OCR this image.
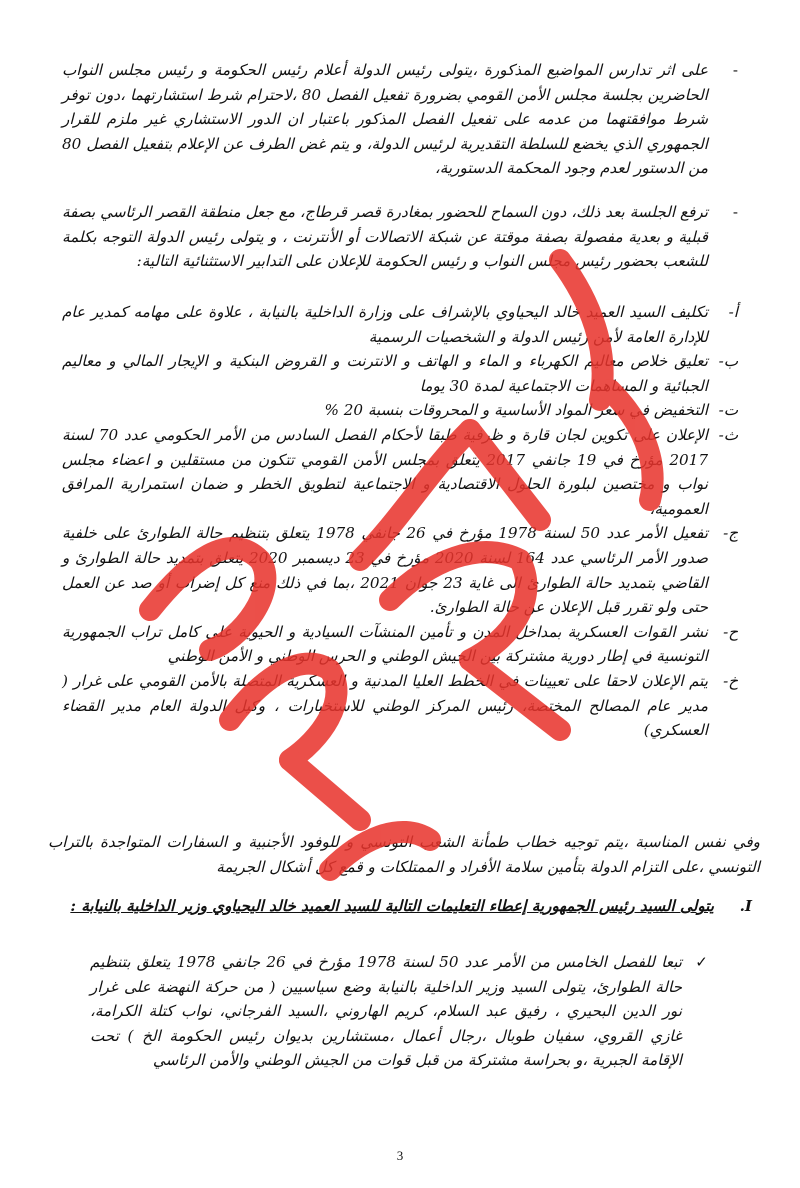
-
على اثر تدارس المواضيع المذكورة ،يتولى رئيس الدولة أعلام رئيس الحكومة و رئيس مجلس النواب الحاضرين بجلسة مجلس الأمن القومي بضرورة تفعيل الفصل 80 ،لاحترام شرط استشارتهما ،دون توفر شرط موافقتهما من عدمه على تفعيل الفصل المذكور باعتبار ان الدور الاستشاري غير ملزم للقرار الجمهوري الذي يخضع للسلطة التقديرية لرئيس الدولة، و يتم غض الطرف عن الإعلام بتفعيل الفصل 80 من الدستور لعدم وجود المحكمة الدستورية،
-
ترفع الجلسة بعد ذلك، دون السماح للحضور بمغادرة قصر قرطاج، مع جعل منطقة القصر الرئاسي بصفة قبلية و بعدية مفصولة بصفة موقتة عن شبكة الاتصالات أو الأنترنت ، و يتولى رئيس الدولة التوجه بكلمة للشعب بحضور رئيس مجلس النواب و رئيس الحكومة للإعلان على التدابير الاستثنائية التالية:
أ-
تكليف السيد العميد خالد اليحياوي بالإشراف على وزارة الداخلية بالنيابة ، علاوة على مهامه كمدير عام للإدارة العامة لأمن رئيس الدولة و الشخصيات الرسمية
ب-
تعليق خلاص معاليم الكهرباء و الماء و الهاتف و الانترنت و القروض البنكية و الإيجار المالي و معاليم الجبائية و المساهمات الاجتماعية لمدة 30 يوما
ت-
التخفيض في سعر المواد الأساسية و المحروقات بنسبة 20 %
ث-
الإعلان على تكوين لجان قارة و ظرفية طبقا لأحكام الفصل السادس من الأمر الحكومي عدد 70 لسنة 2017 مؤرخ في 19 جانفي 2017 يتعلق بمجلس الأمن القومي تتكون من مستقلين و اعضاء مجلس نواب و مختصين لبلورة الحلول الاقتصادية و الاجتماعية لتطويق الخطر و ضمان استمرارية المرافق العمومية،
ج-
تفعيل الأمر عدد 50 لسنة 1978 مؤرخ في 26 جانفي 1978 يتعلق بتنظيم حالة الطوارئ على خلفية صدور الأمر الرئاسي عدد 164 لسنة 2020 مؤرخ في 23 ديسمبر 2020 يتعلق بتمديد حالة الطوارئ و القاضي بتمديد حالة الطوارئ الى غاية 23 جوان 2021 ،بما في ذلك منع كل إضراب أو صد عن العمل حتى ولو تقرر قبل الإعلان عن حالة الطوارئ.
ح-
نشر القوات العسكرية بمداخل المدن و تأمين المنشآت السيادية و الحيوية على كامل تراب الجمهورية التونسية في إطار دورية مشتركة بين الجيش الوطني و الحرس الوطني و الأمن الوطني
خ-
يتم الإعلان لاحقا على تعيينات في الخطط العليا المدنية و العسكرية المتصلة بالأمن القومي على غرار ( مدير عام المصالح المختصة، رئيس المركز الوطني للاستخبارات ، وكيل الدولة العام مدير القضاء العسكري)
وفي نفس المناسبة ،يتم توجيه خطاب طمأنة الشعب التونسي و للوفود الأجنبية و السفارات المتواجدة بالتراب التونسي ،على التزام الدولة بتأمين سلامة الأفراد و الممتلكات و قمع كل أشكال الجريمة
I.
يتولى السيد رئيس الجمهورية إعطاء التعليمات التالية للسيد العميد خالد اليحياوي وزير الداخلية بالنيابة :
✓
تبعا للفصل الخامس من الأمر عدد 50 لسنة 1978 مؤرخ في 26 جانفي 1978 يتعلق بتنظيم حالة الطوارئ، يتولى السيد وزير الداخلية بالنيابة وضع سياسيين ( من حركة النهضة على غرار نور الدين البحيري ، رفيق عبد السلام، كريم الهاروني ،السيد الفرجاني، نواب كتلة الكرامة، غازي القروي، سفيان طوبال ،رجال أعمال ،مستشارين بديوان رئيس الحكومة الخ ) تحت الإقامة الجبرية ،و بحراسة مشتركة من قبل قوات من الجيش الوطني والأمن الرئاسي
3
